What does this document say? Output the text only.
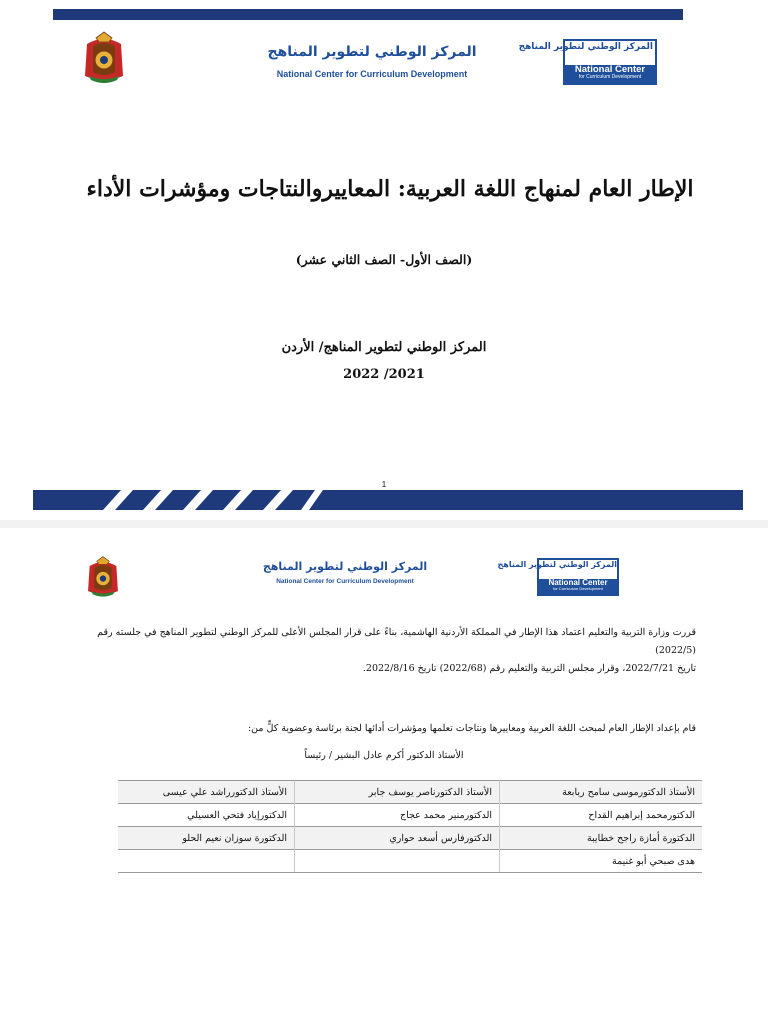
المركز الوطني لتطوير المناهج
National Center for Curriculum Development
المركز الوطني لتطوير المناهج
National Center
for Curriculum Development
الإطار العام لمنهاج اللغة العربية: المعاييروالنتاجات ومؤشرات الأداء
(الصف الأول- الصف الثاني عشر)
المركز الوطني لتطوير المناهج/ الأردن
2022 /2021
1
المركز الوطني لتطوير المناهج
National Center for Curriculum Development
المركز الوطني لتطوير المناهج
National Center
for Curriculum Development
قررت وزارة التربية والتعليم اعتماد هذا الإطار في المملكة الأردنية الهاشمية، بناءً على قرار المجلس الأعلى للمركز الوطني لتطوير المناهج في جلسته رقم (2022/5)
تاريخ 2022/7/21، وقرار مجلس التربية والتعليم رقم (2022/68) تاريخ 2022/8/16.
قام بإعداد الإطار العام لمبحث اللغة العربية ومعاييرها ونتاجات تعلمها ومؤشرات أدائها لجنة برئاسة وعضوية كلٍّ من:
الأستاذ الدكتور أكرم عادل البشير / رئيساً
الأستاذ الدكتورموسى سامح ربابعة	الأستاذ الدكتورناصر يوسف جابر	الأستاذ الدكتورراشد علي عيسى
الدكتورمحمد إبراهيم القداح	الدكتورمنير محمد عجاج	الدكتورإياد فتحي العسيلي
الدكتورة أمازة راجح خطايبة	الدكتورفارس أسعد حواري	الدكتورة سوزان نعيم الحلو
هدى صبحي أبو غنيمة		
